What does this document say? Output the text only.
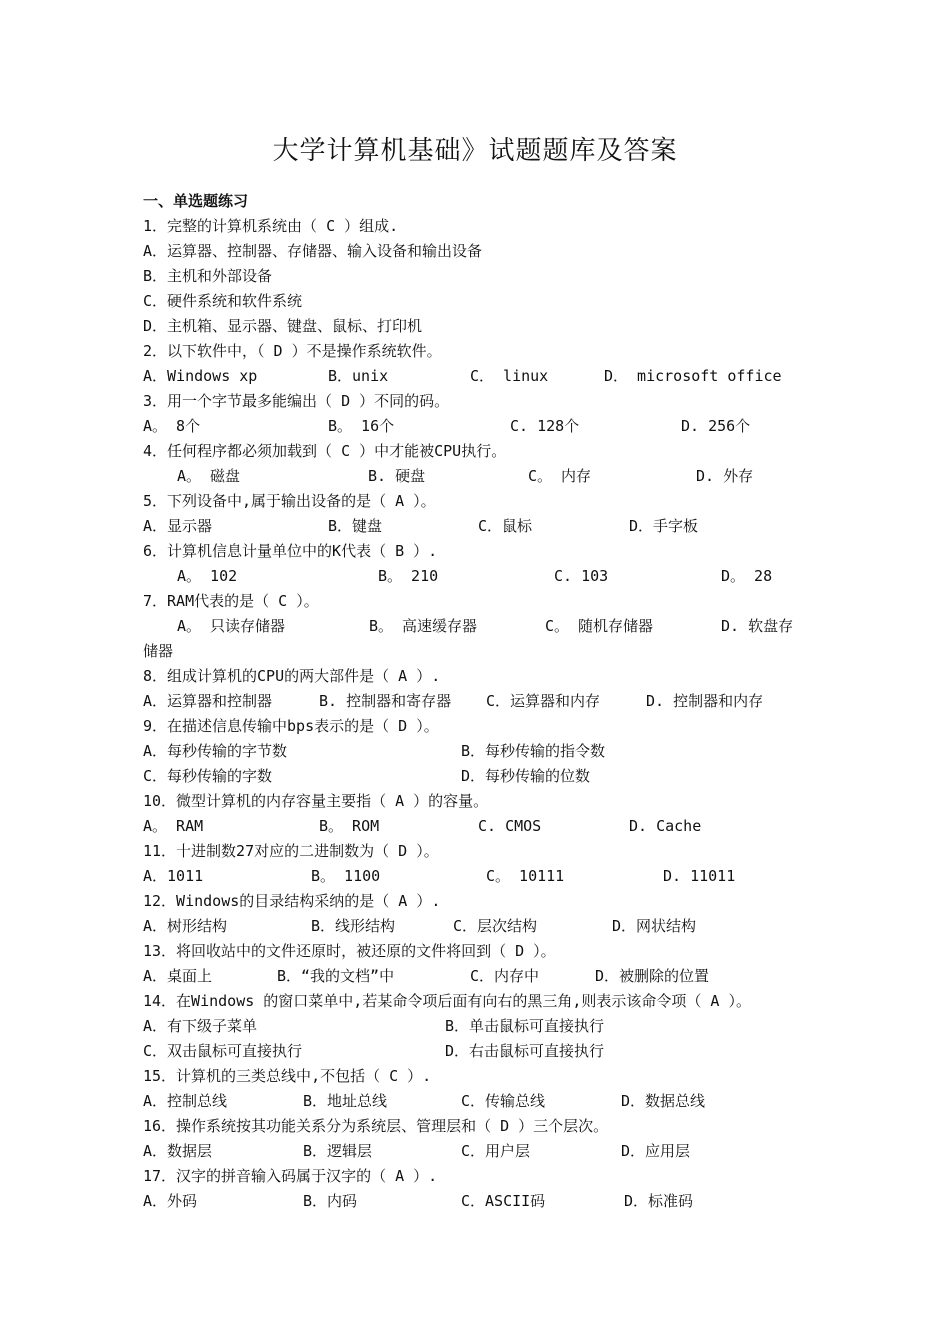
大学计算机基础》试题题库及答案
一、单选题练习
1．完整的计算机系统由（ C ）组成.
A．运算器、控制器、存储器、输入设备和输出设备
B．主机和外部设备
C．硬件系统和软件系统
D．主机箱、显示器、键盘、鼠标、打印机
2．以下软件中，（ D ）不是操作系统软件。
A．Windows xp	B．unix	C． linux	D． microsoft office
3．用一个字节最多能编出（ D ）不同的码。
A。 8个	B。 16个	C. 128个	D. 256个
4．任何程序都必须加载到（ C ）中才能被CPU执行。
A。 磁盘	B. 硬盘	C。 内存	D. 外存
5．下列设备中,属于输出设备的是（ A ）。
A．显示器	B．键盘	C．鼠标	D．手字板
6．计算机信息计量单位中的K代表（ B ）.
A。 102	B。 210	C. 103	D。 28
7．RAM代表的是（ C ）。
A。 只读存储器	B。 高速缓存器	C。 随机存储器	D. 软盘存
储器
8．组成计算机的CPU的两大部件是（ A ）.
A．运算器和控制器	B. 控制器和寄存器 C．运算器和内存	D. 控制器和内存
9．在描述信息传输中bps表示的是（ D ）。
A．每秒传输的字节数	B．每秒传输的指令数
C．每秒传输的字数	D．每秒传输的位数
10．微型计算机的内存容量主要指（ A ）的容量。
A。 RAM	B。 ROM	C. CMOS	D. Cache
11．十进制数27对应的二进制数为（ D ）。
A．1011	B。 1100	C。 10111	D. 11011
12．Windows的目录结构采纳的是（ A ）.
A．树形结构	B．线形结构	C．层次结构	D．网状结构
13．将回收站中的文件还原时，被还原的文件将回到（ D ）。
A．桌面上	B．“我的文档”中	C．内存中	D．被删除的位置
14．在Windows 的窗口菜单中,若某命令项后面有向右的黑三角,则表示该命令项（ A ）。
A．有下级子菜单	B．单击鼠标可直接执行
C．双击鼠标可直接执行	D．右击鼠标可直接执行
15．计算机的三类总线中,不包括（ C ）.
A．控制总线	B．地址总线	C．传输总线	D．数据总线
16．操作系统按其功能关系分为系统层、管理层和（ D ）三个层次。
A．数据层	B．逻辑层	C．用户层	D．应用层
17．汉字的拼音输入码属于汉字的（ A ）.
A．外码	B．内码	C．ASCII码	D．标准码
